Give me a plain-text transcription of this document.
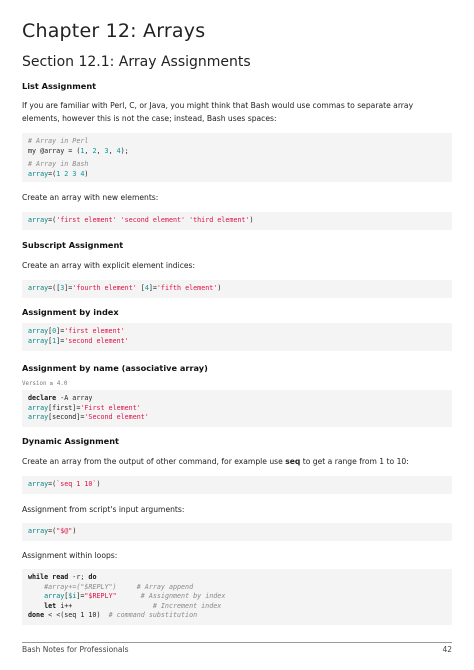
Chapter 12: Arrays
Section 12.1: Array Assignments
List Assignment
If you are familiar with Perl, C, or Java, you might think that Bash would use commas to separate array elements, however this is not the case; instead, Bash uses spaces:
# Array in Perl
my @array = (1, 2, 3, 4);
# Array in Bash
array=(1 2 3 4)
Create an array with new elements:
array=('first element' 'second element' 'third element')
Subscript Assignment
Create an array with explicit element indices:
array=([3]='fourth element' [4]='fifth element')
Assignment by index
array[0]='first element'
array[1]='second element'
Assignment by name (associative array)
Version ≥ 4.0
declare -A array
array[first]='First element'
array[second]='Second element'
Dynamic Assignment
Create an array from the output of other command, for example use seq to get a range from 1 to 10:
array=(`seq 1 10`)
Assignment from script's input arguments:
array=("$@")
Assignment within loops:
while read -r; do
#array+=("$REPLY")	# Array append
array[$i]="$REPLY"	# Assignment by index
let i++	# Increment index
done < <(seq 1 10)  # command substitution
Bash Notes for Professionals	42
